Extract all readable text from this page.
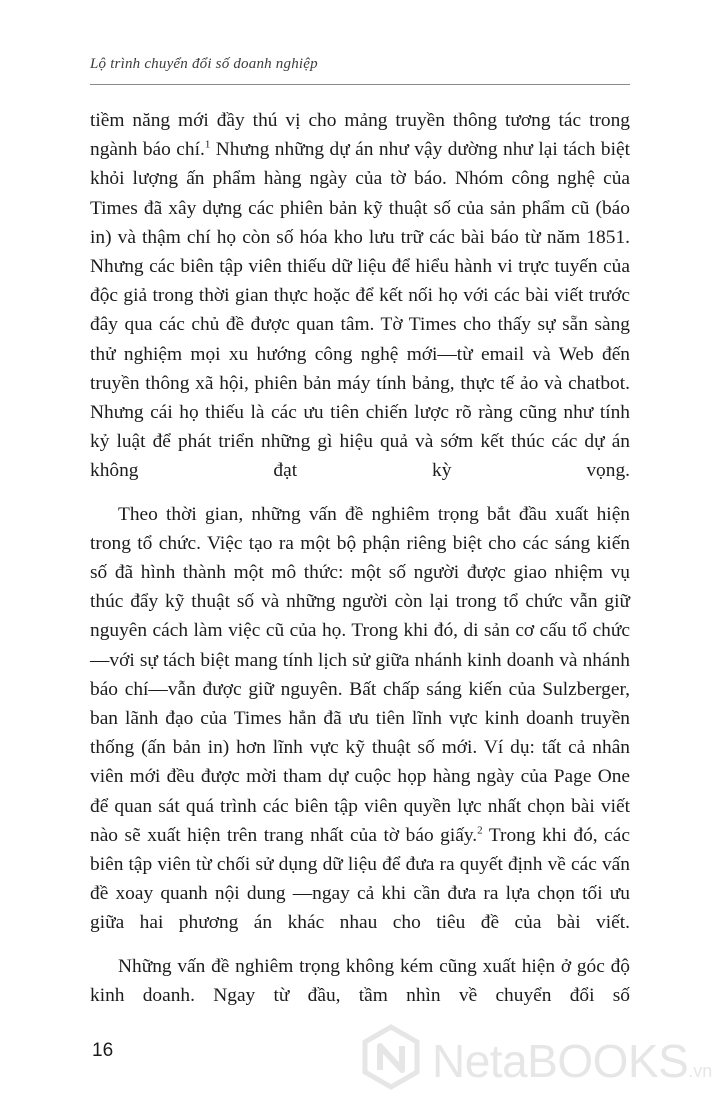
Lộ trình chuyển đổi số doanh nghiệp

tiềm năng mới đầy thú vị cho mảng truyền thông tương tác trong ngành báo chí.$^1$ Nhưng những dự án như vậy dường như lại tách biệt khỏi lượng ấn phẩm hàng ngày của tờ báo. Nhóm công nghệ của Times đã xây dựng các phiên bản kỹ thuật số của sản phẩm cũ (báo in) và thậm chí họ còn số hóa kho lưu trữ các bài báo từ năm 1851. Nhưng các biên tập viên thiếu dữ liệu để hiểu hành vi trực tuyến của độc giả trong thời gian thực hoặc để kết nối họ với các bài viết trước đây qua các chủ đề được quan tâm. Tờ Times cho thấy sự sẵn sàng thử nghiệm mọi xu hướng công nghệ mới—từ email và Web đến truyền thông xã hội, phiên bản máy tính bảng, thực tế ảo và chatbot. Nhưng cái họ thiếu là các ưu tiên chiến lược rõ ràng cũng như tính kỷ luật để phát triển những gì hiệu quả và sớm kết thúc các dự án không đạt kỳ vọng.

Theo thời gian, những vấn đề nghiêm trọng bắt đầu xuất hiện trong tổ chức. Việc tạo ra một bộ phận riêng biệt cho các sáng kiến số đã hình thành một mô thức: một số người được giao nhiệm vụ thúc đẩy kỹ thuật số và những người còn lại trong tổ chức vẫn giữ nguyên cách làm việc cũ của họ. Trong khi đó, di sản cơ cấu tổ chức—với sự tách biệt mang tính lịch sử giữa nhánh kinh doanh và nhánh báo chí—vẫn được giữ nguyên. Bất chấp sáng kiến của Sulzberger, ban lãnh đạo của Times hẳn đã ưu tiên lĩnh vực kinh doanh truyền thống (ấn bản in) hơn lĩnh vực kỹ thuật số mới. Ví dụ: tất cả nhân viên mới đều được mời tham dự cuộc họp hàng ngày của Page One để quan sát quá trình các biên tập viên quyền lực nhất chọn bài viết nào sẽ xuất hiện trên trang nhất của tờ báo giấy.$^2$ Trong khi đó, các biên tập viên từ chối sử dụng dữ liệu để đưa ra quyết định về các vấn đề xoay quanh nội dung —ngay cả khi cần đưa ra lựa chọn tối ưu giữa hai phương án khác nhau cho tiêu đề của bài viết.

Những vấn đề nghiêm trọng không kém cũng xuất hiện ở góc độ kinh doanh. Ngay từ đầu, tầm nhìn về chuyển đổi số

16	NetaBOOKS.vn
